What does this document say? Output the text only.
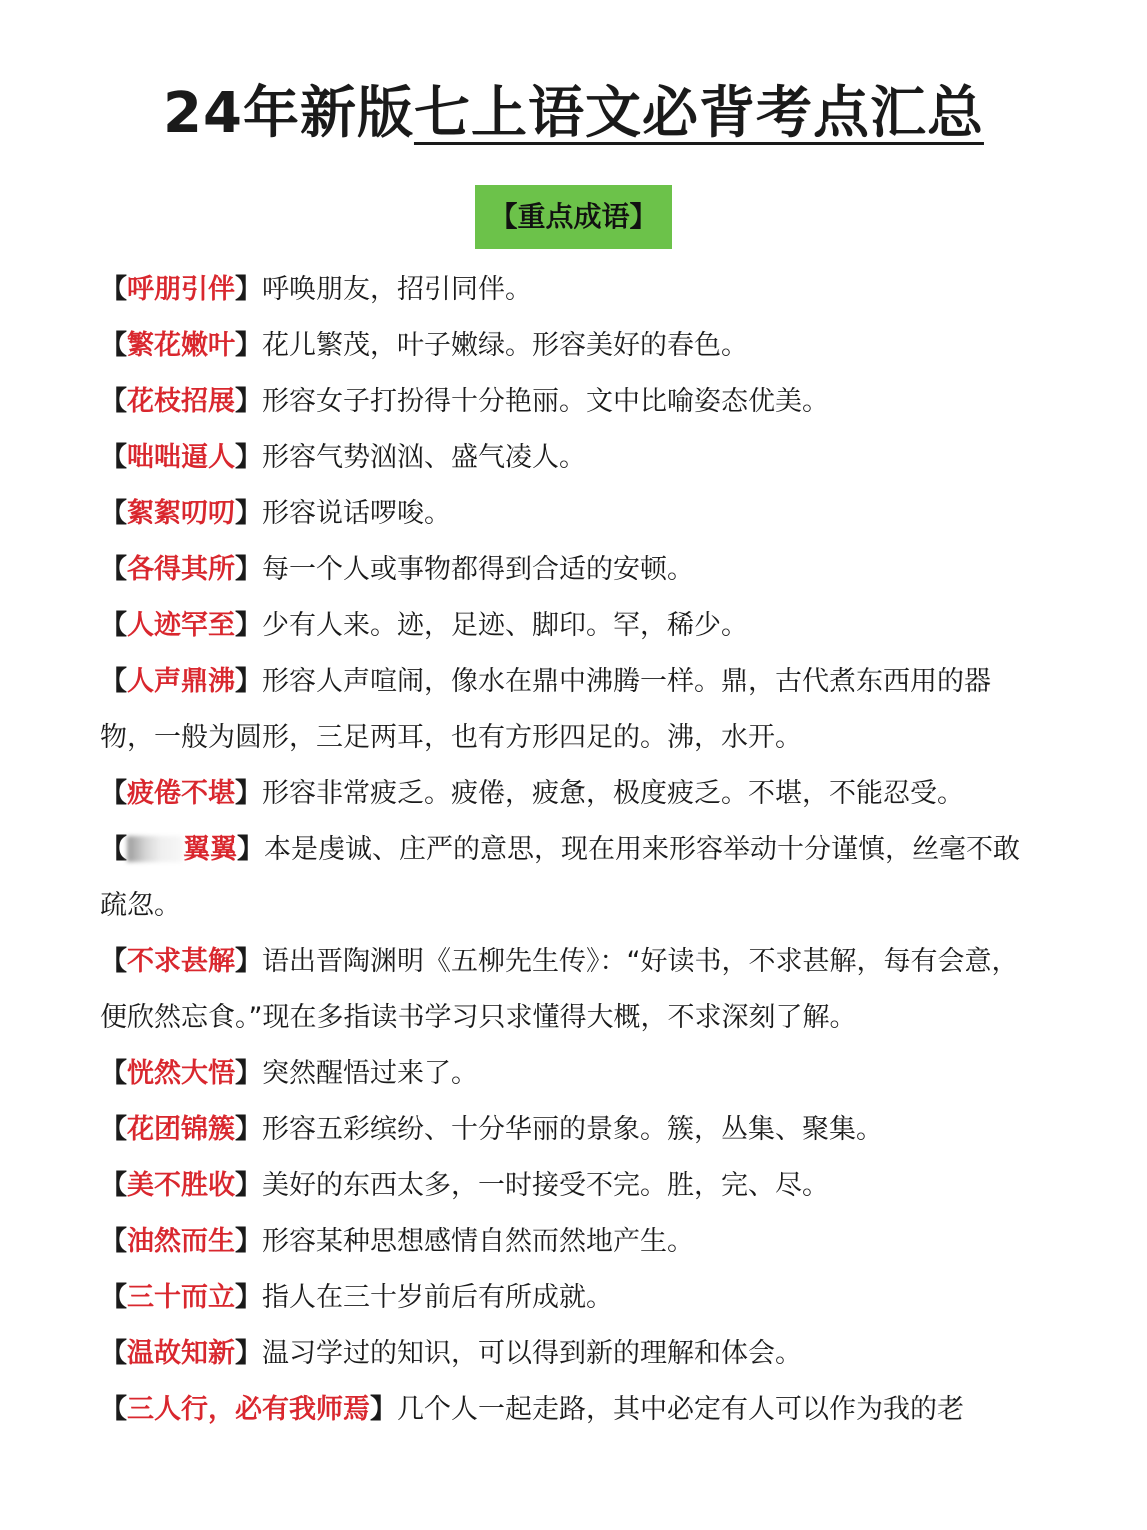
24年新版七上语文必背考点汇总
【重点成语】

【呼朋引伴】呼唤朋友，招引同伴。

【繁花嫩叶】花儿繁茂，叶子嫩绿。形容美好的春色。

【花枝招展】形容女子打扮得十分艳丽。文中比喻姿态优美。

【咄咄逼人】形容气势汹汹、盛气凌人。

【絮絮叨叨】形容说话啰唆。

【各得其所】每一个人或事物都得到合适的安顿。

【人迹罕至】少有人来。迹，足迹、脚印。罕，稀少。

【人声鼎沸】形容人声喧闹，像水在鼎中沸腾一样。鼎，古代煮东西用的器物，一般为圆形，三足两耳，也有方形四足的。沸，水开。

【疲倦不堪】形容非常疲乏。疲倦，疲惫，极度疲乏。不堪，不能忍受。

【 翼翼】本是虔诚、庄严的意思，现在用来形容举动十分谨慎，丝毫不敢疏忽。

【不求甚解】语出晋陶渊明《五柳先生传》：“好读书，不求甚解，每有会意，便欣然忘食。”现在多指读书学习只求懂得大概，不求深刻了解。

【恍然大悟】突然醒悟过来了。

【花团锦簇】形容五彩缤纷、十分华丽的景象。簇，丛集、聚集。

【美不胜收】美好的东西太多，一时接受不完。胜，完、尽。

【油然而生】形容某种思想感情自然而然地产生。

【三十而立】指人在三十岁前后有所成就。

【温故知新】温习学过的知识，可以得到新的理解和体会。

【三人行，必有我师焉】几个人一起走路，其中必定有人可以作为我的老
